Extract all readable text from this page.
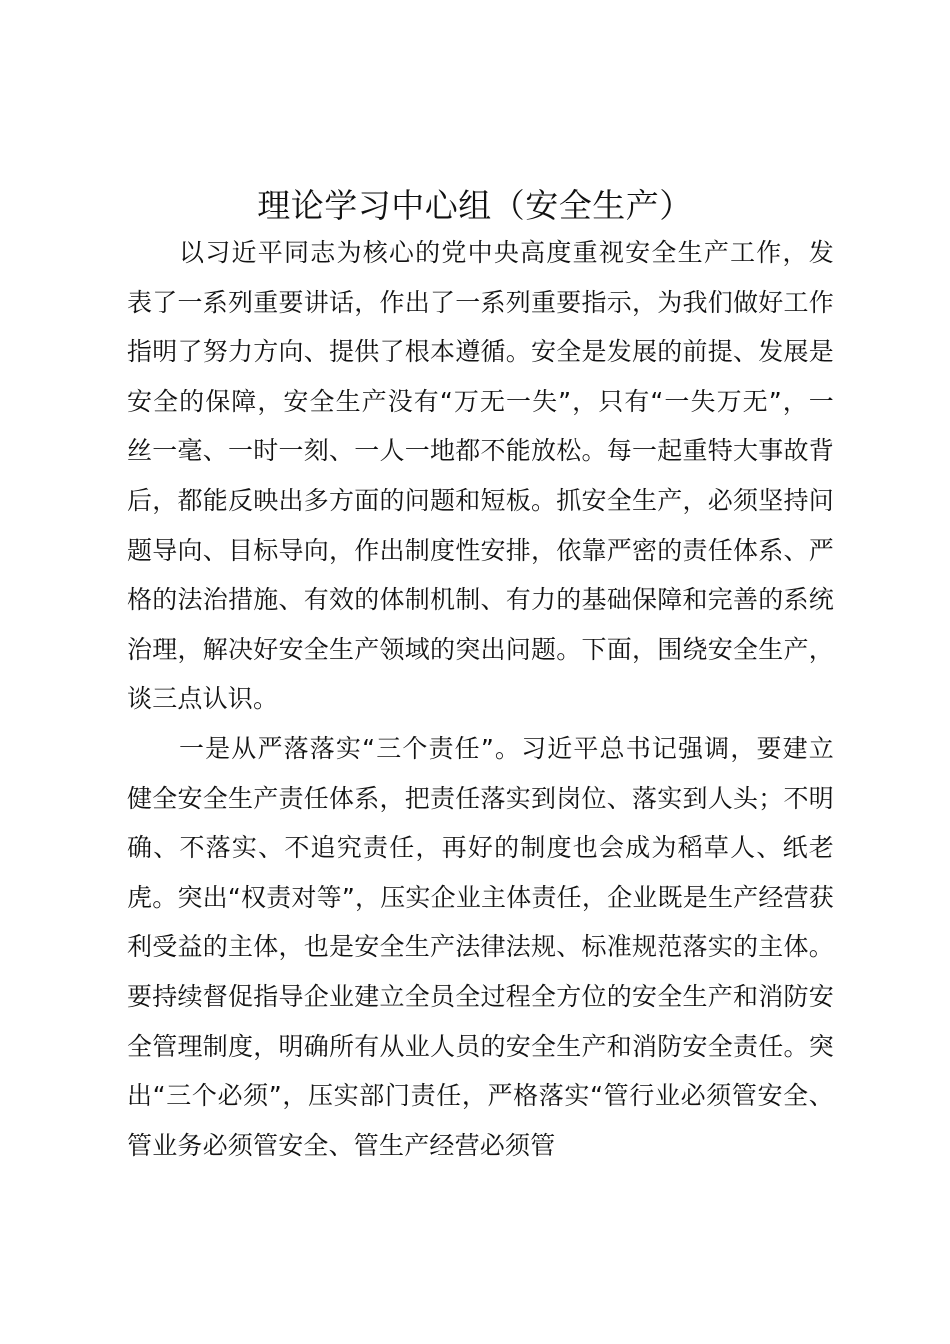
理论学习中心组（安全生产）

以习近平同志为核心的党中央高度重视安全生产工作，发表了一系列重要讲话，作出了一系列重要指示，为我们做好工作指明了努力方向、提供了根本遵循。安全是发展的前提、发展是安全的保障，安全生产没有“万无一失”，只有“一失万无”，一丝一毫、一时一刻、一人一地都不能放松。每一起重特大事故背后，都能反映出多方面的问题和短板。抓安全生产，必须坚持问题导向、目标导向，作出制度性安排，依靠严密的责任体系、严格的法治措施、有效的体制机制、有力的基础保障和完善的系统治理，解决好安全生产领域的突出问题。下面，围绕安全生产，谈三点认识。

一是从严落落实“三个责任”。习近平总书记强调，要建立健全安全生产责任体系，把责任落实到岗位、落实到人头；不明确、不落实、不追究责任，再好的制度也会成为稻草人、纸老虎。突出“权责对等”，压实企业主体责任，企业既是生产经营获利受益的主体，也是安全生产法律法规、标准规范落实的主体。要持续督促指导企业建立全员全过程全方位的安全生产和消防安全管理制度，明确所有从业人员的安全生产和消防安全责任。突出“三个必须”，压实部门责任，严格落实“管行业必须管安全、管业务必须管安全、管生产经营必须管
